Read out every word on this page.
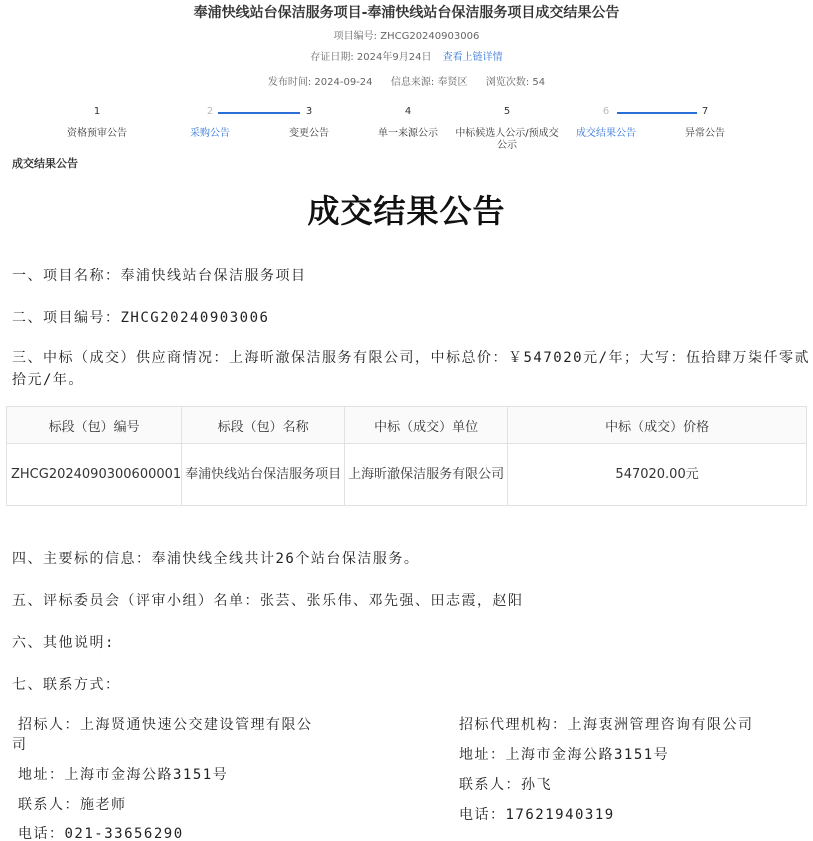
奉浦快线站台保洁服务项目-奉浦快线站台保洁服务项目成交结果公告
项目编号: ZHCG20240903006
存证日期: 2024年9月24日 查看上链详情
发布时间: 2024-09-24 信息来源: 奉贤区 浏览次数: 54
1
资格预审公告
2
采购公告
3
变更公告
4
单一来源公示
5
中标候选人公示/预成交公示
6
成交结果公告
7
异常公告
成交结果公告
成交结果公告
一、项目名称：奉浦快线站台保洁服务项目
二、项目编号：ZHCG20240903006
三、中标（成交）供应商情况：上海昕澈保洁服务有限公司，中标总价：￥547020元/年；大写：伍拾肆万柒仟零贰拾元/年。
标段（包）编号	标段（包）名称	中标（成交）单位	中标（成交）价格
ZHCG2024090300600001	奉浦快线站台保洁服务项目	上海昕澈保洁服务有限公司	547020.00元
四、主要标的信息：奉浦快线全线共计26个站台保洁服务。
五、评标委员会（评审小组）名单：张芸、张乐伟、邓先强、田志霞，赵阳
六、其他说明:
七、联系方式：
招标人：上海贤通快速公交建设管理有限公
司
地址：上海市金海公路3151号
联系人：施老师
电话：021-33656290
招标代理机构：上海衷洲管理咨询有限公司
地址：上海市金海公路3151号
联系人：孙飞
电话：17621940319
